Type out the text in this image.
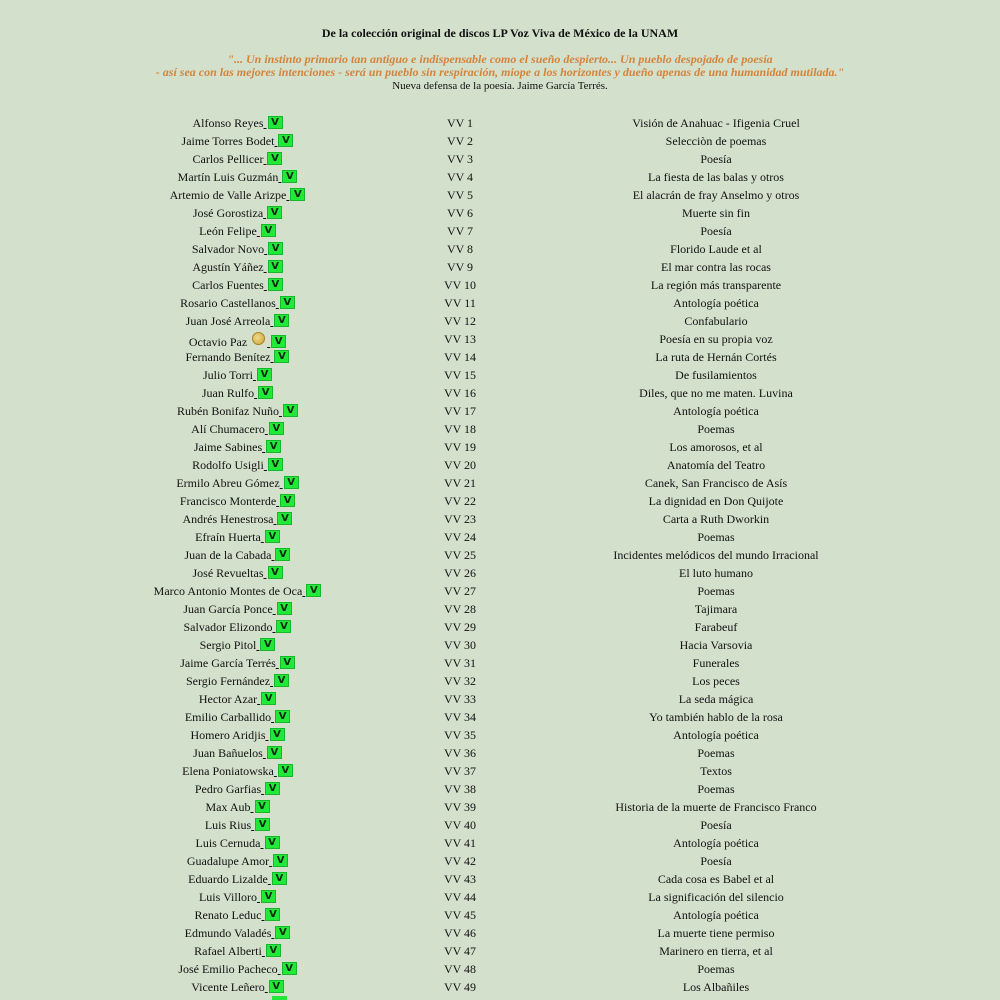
De la colección original de discos LP Voz Viva de México de la UNAM
"... Un instinto primario tan antiguo e indispensable como el sueño despierto... Un pueblo despojado de poesía
- así sea con las mejores intenciones - será un pueblo sin respiración, miope a los horizontes y dueño apenas de una humanidad mutilada."
Nueva defensa de la poesía. Jaime García Terrés.
Alfonso Reyes V	VV 1	Visión de Anahuac - Ifigenia Cruel
Jaime Torres Bodet V	VV 2	Selecciòn de poemas
Carlos Pellicer V	VV 3	Poesía
Martín Luis Guzmán V	VV 4	La fiesta de las balas y otros
Artemio de Valle Arizpe V	VV 5	El alacrán de fray Anselmo y otros
José Gorostiza V	VV 6	Muerte sin fin
León Felipe V	VV 7	Poesía
Salvador Novo V	VV 8	Florido Laude et al
Agustín Yáñez V	VV 9	El mar contra las rocas
Carlos Fuentes V	VV 10	La región más transparente
Rosario Castellanos V	VV 11	Antología poética
Juan José Arreola V	VV 12	Confabulario
Octavio Paz	V	VV 13	Poesía en su propia voz
Fernando Benítez V	VV 14	La ruta de Hernán Cortés
Julio Torri V	VV 15	De fusilamientos
Juan Rulfo V	VV 16	Diles, que no me maten. Luvina
Rubén Bonifaz Nuño V	VV 17	Antología poética
Alí Chumacero V	VV 18	Poemas
Jaime Sabines V	VV 19	Los amorosos, et al
Rodolfo Usigli V	VV 20	Anatomía del Teatro
Ermilo Abreu Gómez V	VV 21	Canek, San Francisco de Asís
Francisco Monterde V	VV 22	La dignidad en Don Quijote
Andrés Henestrosa V	VV 23	Carta a Ruth Dworkin
Efraín Huerta V	VV 24	Poemas
Juan de la Cabada V	VV 25	Incidentes melódicos del mundo Irracional
José Revueltas V	VV 26	El luto humano
Marco Antonio Montes de Oca V	VV 27	Poemas
Juan García Ponce V	VV 28	Tajimara
Salvador Elizondo V	VV 29	Farabeuf
Sergio Pitol V	VV 30	Hacia Varsovia
Jaime García Terrés V	VV 31	Funerales
Sergio Fernández V	VV 32	Los peces
Hector Azar V	VV 33	La seda mágica
Emilio Carballido V	VV 34	Yo también hablo de la rosa
Homero Aridjis V	VV 35	Antología poética
Juan Bañuelos V	VV 36	Poemas
Elena Poniatowska V	VV 37	Textos
Pedro Garfias V	VV 38	Poemas
Max Aub V	VV 39	Historia de la muerte de Francisco Franco
Luis Rius V	VV 40	Poesía
Luis Cernuda V	VV 41	Antología poética
Guadalupe Amor V	VV 42	Poesía
Eduardo Lizalde V	VV 43	Cada cosa es Babel et al
Luis Villoro V	VV 44	La significación del silencio
Renato Leduc V	VV 45	Antología poética
Edmundo Valadés V	VV 46	La muerte tiene permiso
Rafael Alberti V	VV 47	Marinero en tierra, et al
José Emilio Pacheco V	VV 48	Poemas
Vicente Leñero V	VV 49	Los Albañiles
